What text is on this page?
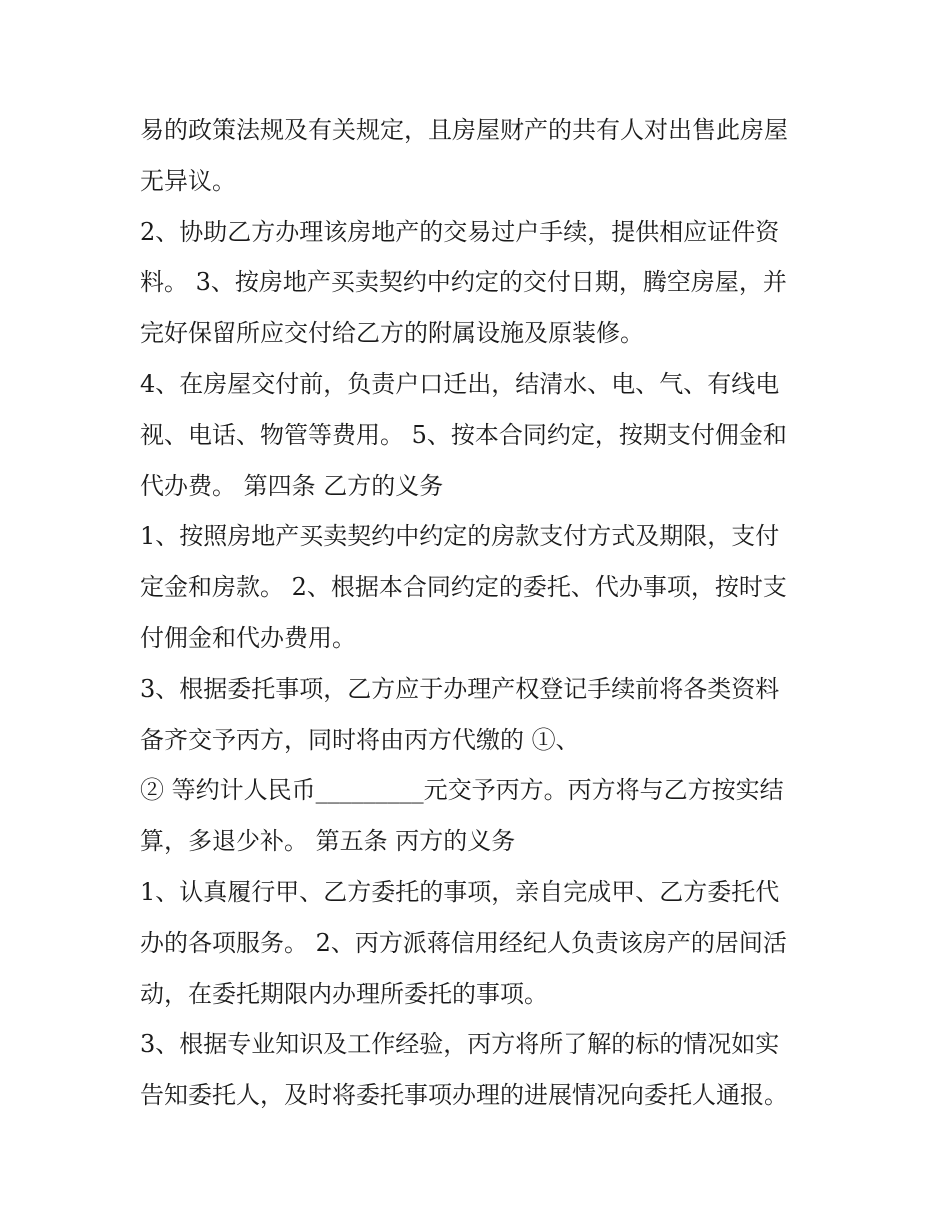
易的政策法规及有关规定，且房屋财产的共有人对出售此房屋
无异议。
2、协助乙方办理该房地产的交易过户手续，提供相应证件资
料。 3、按房地产买卖契约中约定的交付日期，腾空房屋，并
完好保留所应交付给乙方的附属设施及原装修。
4、在房屋交付前，负责户口迁出，结清水、电、气、有线电
视、电话、物管等费用。 5、按本合同约定，按期支付佣金和
代办费。 第四条 乙方的义务
1、按照房地产买卖契约中约定的房款支付方式及期限，支付
定金和房款。 2、根据本合同约定的委托、代办事项，按时支
付佣金和代办费用。
3、根据委托事项，乙方应于办理产权登记手续前将各类资料
备齐交予丙方，同时将由丙方代缴的 ①、
② 等约计人民币_________元交予丙方。丙方将与乙方按实结
算，多退少补。 第五条 丙方的义务
1、认真履行甲、乙方委托的事项，亲自完成甲、乙方委托代
办的各项服务。 2、丙方派蒋信用经纪人负责该房产的居间活
动，在委托期限内办理所委托的事项。
3、根据专业知识及工作经验，丙方将所了解的标的情况如实
告知委托人，及时将委托事项办理的进展情况向委托人通报。
